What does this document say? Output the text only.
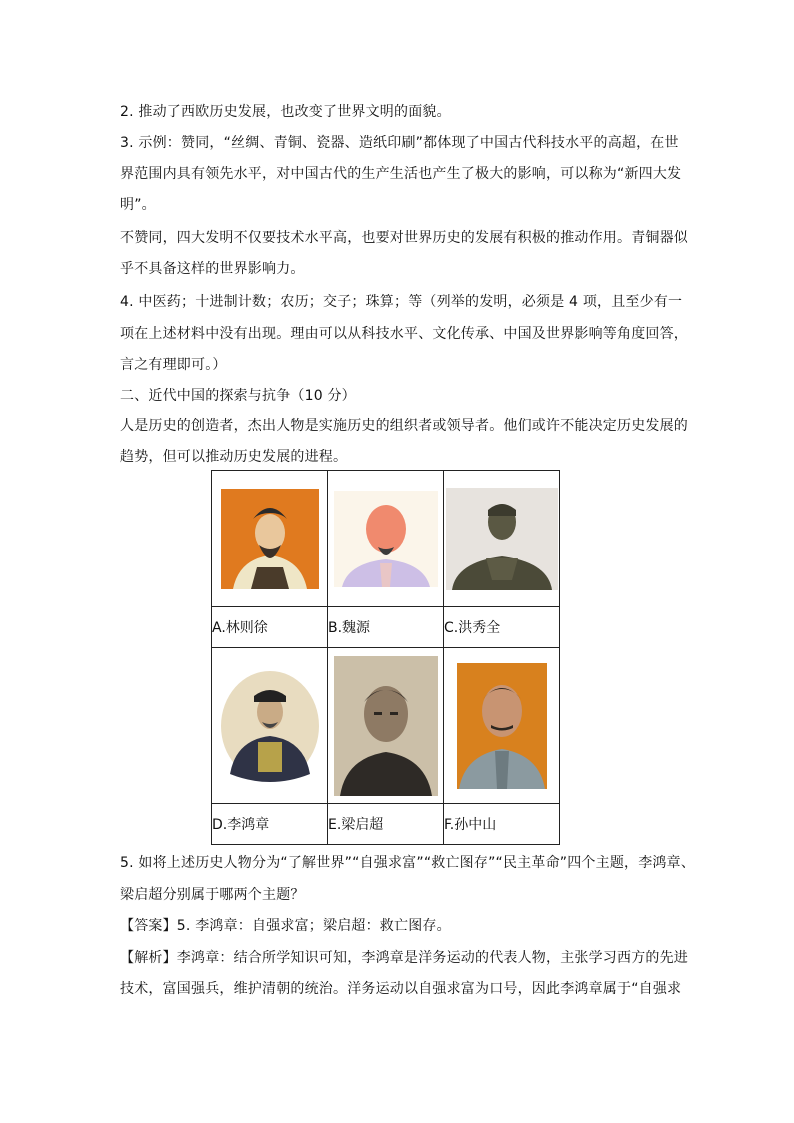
2. 推动了西欧历史发展，也改变了世界文明的面貌。
3. 示例：赞同，“丝绸、青铜、瓷器、造纸印刷”都体现了中国古代科技水平的高超，在世
界范围内具有领先水平，对中国古代的生产生活也产生了极大的影响，可以称为“新四大发
明”。
不赞同，四大发明不仅要技术水平高，也要对世界历史的发展有积极的推动作用。青铜器似
乎不具备这样的世界影响力。
4. 中医药；十进制计数；农历；交子；珠算；等（列举的发明，必须是 4 项，且至少有一
项在上述材料中没有出现。理由可以从科技水平、文化传承、中国及世界影响等角度回答，
言之有理即可。）
二、近代中国的探索与抗争（10 分）
人是历史的创造者，杰出人物是实施历史的组织者或领导者。他们或许不能决定历史发展的
趋势，但可以推动历史发展的进程。

A.林则徐	B.魏源	C.洪秀全

D.李鸿章	E.梁启超	F.孙中山
5. 如将上述历史人物分为“了解世界”“自强求富”“救亡图存”“民主革命”四个主题，李鸿章、
梁启超分别属于哪两个主题？
【答案】5. 李鸿章：自强求富；梁启超：救亡图存。
【解析】李鸿章：结合所学知识可知，李鸿章是洋务运动的代表人物，主张学习西方的先进
技术，富国强兵，维护清朝的统治。洋务运动以自强求富为口号，因此李鸿章属于“自强求
